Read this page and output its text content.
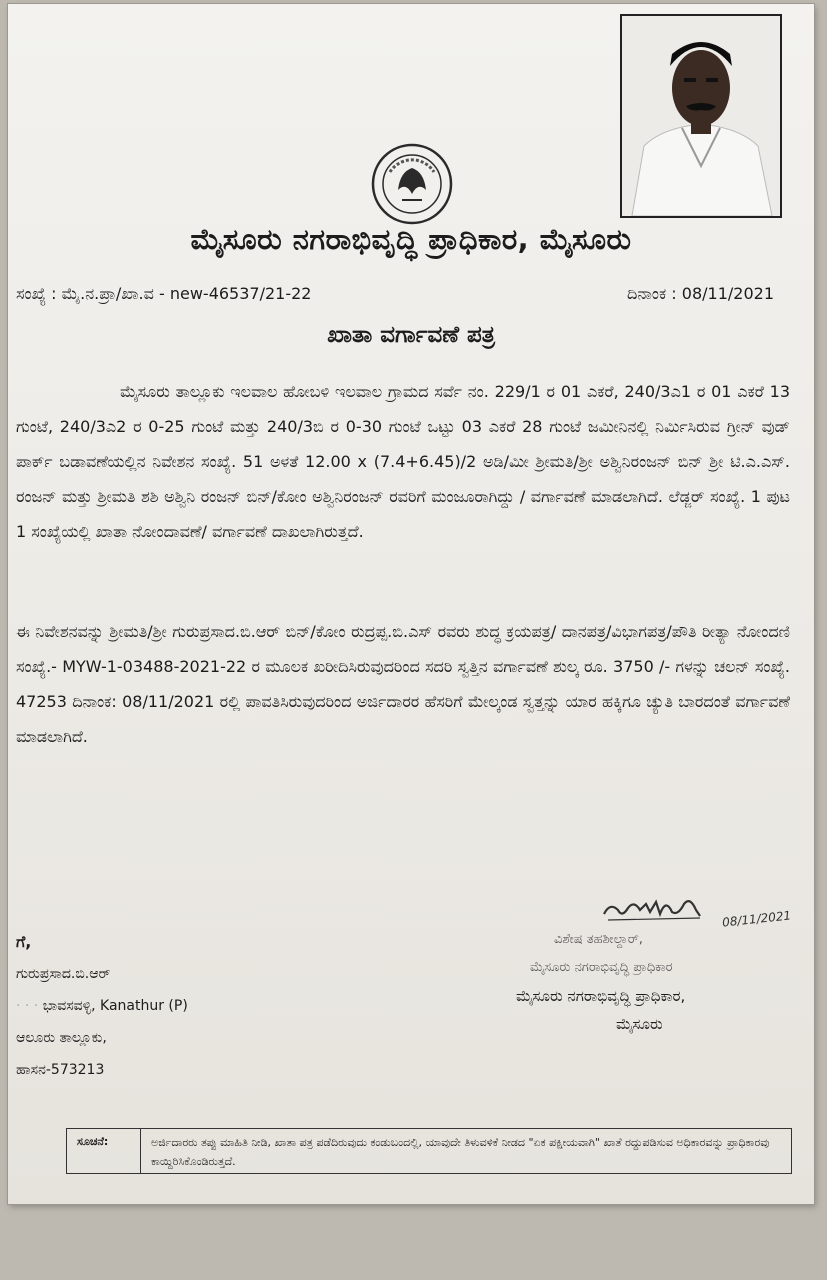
ಮೈಸೂರು ನಗರಾಭಿವೃದ್ಧಿ ಪ್ರಾಧಿಕಾರ, ಮೈಸೂರು
ಸಂಖ್ಯೆ : ಮೈ.ನ.ಪ್ರಾ/ಖಾ.ವ - new-46537/21-22	ದಿನಾಂಕ : 08/11/2021
ಖಾತಾ ವರ್ಗಾವಣೆ ಪತ್ರ
ಮೈಸೂರು ತಾಲ್ಲೂಕು ಇಲವಾಲ ಹೋಬಳಿ ಇಲವಾಲ ಗ್ರಾಮದ ಸರ್ವೆ ನಂ. 229/1 ರ 01 ಎಕರೆ, 240/3ಎ1 ರ 01 ಎಕರೆ 13 ಗುಂಟೆ, 240/3ಎ2 ರ 0-25 ಗುಂಟೆ ಮತ್ತು 240/3ಬಿ ರ 0-30 ಗುಂಟೆ ಒಟ್ಟು 03 ಎಕರೆ 28 ಗುಂಟೆ ಜಮೀನಿನಲ್ಲಿ ನಿರ್ಮಿಸಿರುವ ಗ್ರೀನ್ ವುಡ್ ಪಾರ್ಕ್ ಬಡಾವಣೆಯಲ್ಲಿನ ನಿವೇಶನ ಸಂಖ್ಯೆ. 51 ಅಳತೆ 12.00 x (7.4+6.45)/2 ಅಡಿ/ಮೀ ಶ್ರೀಮತಿ/ಶ್ರೀ ಅಶ್ವಿನಿರಂಜನ್ ಬಿನ್ ಶ್ರೀ ಟಿ.ಎ.ಎಸ್. ರಂಜನ್ ಮತ್ತು ಶ್ರೀಮತಿ ಶಶಿ ಅಶ್ವಿನಿ ರಂಜನ್ ಬಿನ್/ಕೋಂ ಅಶ್ವಿನಿರಂಜನ್ ರವರಿಗೆ ಮಂಜೂರಾಗಿದ್ದು / ವರ್ಗಾವಣೆ ಮಾಡಲಾಗಿದೆ. ಲೆಡ್ಜರ್ ಸಂಖ್ಯೆ. 1 ಪುಟ 1 ಸಂಖ್ಯೆಯಲ್ಲಿ ಖಾತಾ ನೋಂದಾವಣೆ/ ವರ್ಗಾವಣೆ ದಾಖಲಾಗಿರುತ್ತದೆ.
ಈ ನಿವೇಶನವನ್ನು ಶ್ರೀಮತಿ/ಶ್ರೀ ಗುರುಪ್ರಸಾದ.ಬಿ.ಆರ್ ಬಿನ್/ಕೋಂ ರುದ್ರಪ್ಪ.ಬಿ.ಎಸ್ ರವರು ಶುದ್ಧ ಕ್ರಯಪತ್ರ/ ದಾನಪತ್ರ/ವಿಭಾಗಪತ್ರ/ಪೌತಿ ರೀತ್ಯಾ ನೋಂದಣಿ ಸಂಖ್ಯೆ.- MYW-1-03488-2021-22 ರ ಮೂಲಕ ಖರೀದಿಸಿರುವುದರಿಂದ ಸದರಿ ಸ್ವತ್ತಿನ ವರ್ಗಾವಣೆ ಶುಲ್ಕ ರೂ. 3750 /- ಗಳನ್ನು ಚಲನ್ ಸಂಖ್ಯೆ. 47253 ದಿನಾಂಕ: 08/11/2021 ರಲ್ಲಿ ಪಾವತಿಸಿರುವುದರಿಂದ ಅರ್ಜಿದಾರರ ಹೆಸರಿಗೆ ಮೇಲ್ಕಂಡ ಸ್ವತ್ತನ್ನು ಯಾರ ಹಕ್ಕಿಗೂ ಚ್ಯುತಿ ಬಾರದಂತೆ ವರ್ಗಾವಣೆ ಮಾಡಲಾಗಿದೆ.
ಗೆ,
ಗುರುಪ್ರಸಾದ.ಬಿ.ಆರ್
· · · ಭಾವಸವಳ್ಳಿ, Kanathur (P)
ಆಲೂರು ತಾಲ್ಲೂಕು,
ಹಾಸನ-573213
08/11/2021
ವಿಶೇಷ ತಹಶೀಲ್ದಾರ್,
ಮೈಸೂರು ನಗರಾಭಿವೃದ್ಧಿ ಪ್ರಾಧಿಕಾರ
ಮೈಸೂರು ನಗರಾಭಿವೃದ್ಧಿ ಪ್ರಾಧಿಕಾರ,
ಮೈಸೂರು
ಸೂಚನೆ:	ಅರ್ಜಿದಾರರು ತಪ್ಪು ಮಾಹಿತಿ ನೀಡಿ, ಖಾತಾ ಪತ್ರ ಪಡೆದಿರುವುದು ಕಂಡುಬಂದಲ್ಲಿ, ಯಾವುದೇ ತಿಳುವಳಿಕೆ ನೀಡದ "ಏಕ ಪಕ್ಷೀಯವಾಗಿ" ಖಾತೆ ರದ್ದುಪಡಿಸುವ ಅಧಿಕಾರವನ್ನು ಪ್ರಾಧಿಕಾರವು ಕಾಯ್ದಿರಿಸಿಕೊಂಡಿರುತ್ತದೆ.
